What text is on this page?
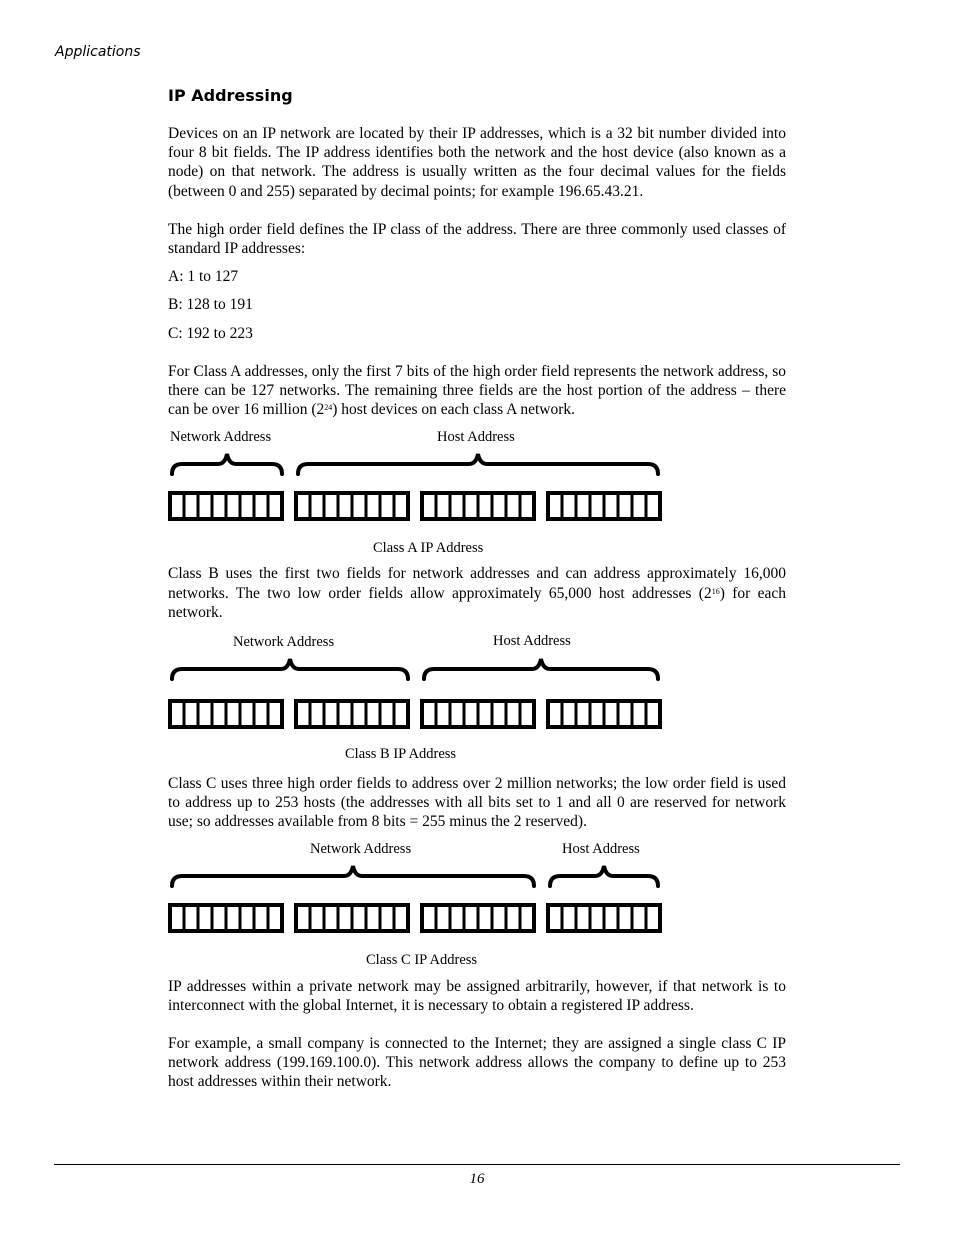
Applications
IP Addressing

Devices on an IP network are located by their IP addresses, which is a 32 bit number divided into four 8 bit fields. The IP address identifies both the network and the host device (also known as a node) on that network. The address is usually written as the four decimal values for the fields (between 0 and 255) separated by decimal points; for example 196.65.43.21.

The high order field defines the IP class of the address. There are three commonly used classes of standard IP addresses:

A: 1 to 127

B: 128 to 191

C: 192 to 223

For Class A addresses, only the first 7 bits of the high order field represents the network address, so there can be 127 networks. The remaining three fields are the host portion of the address – there can be over 16 million $(2^{24})$ host devices on each class A network.

Network Address	Host Address
Class A IP Address

Class B uses the first two fields for network addresses and can address approximately 16,000 networks. The two low order fields allow approximately 65,000 host addresses $(2^{16})$ for each network.

Network Address	Host Address
Class B IP Address

Class C uses three high order fields to address over 2 million networks; the low order field is used to address up to 253 hosts (the addresses with all bits set to 1 and all 0 are reserved for network use; so addresses available from 8 bits = 255 minus the 2 reserved).

Network Address	Host Address
Class C IP Address

IP addresses within a private network may be assigned arbitrarily, however, if that network is to interconnect with the global Internet, it is necessary to obtain a registered IP address.

For example, a small company is connected to the Internet; they are assigned a single class C IP network address (199.169.100.0). This network address allows the company to define up to 253 host addresses within their network.

16
